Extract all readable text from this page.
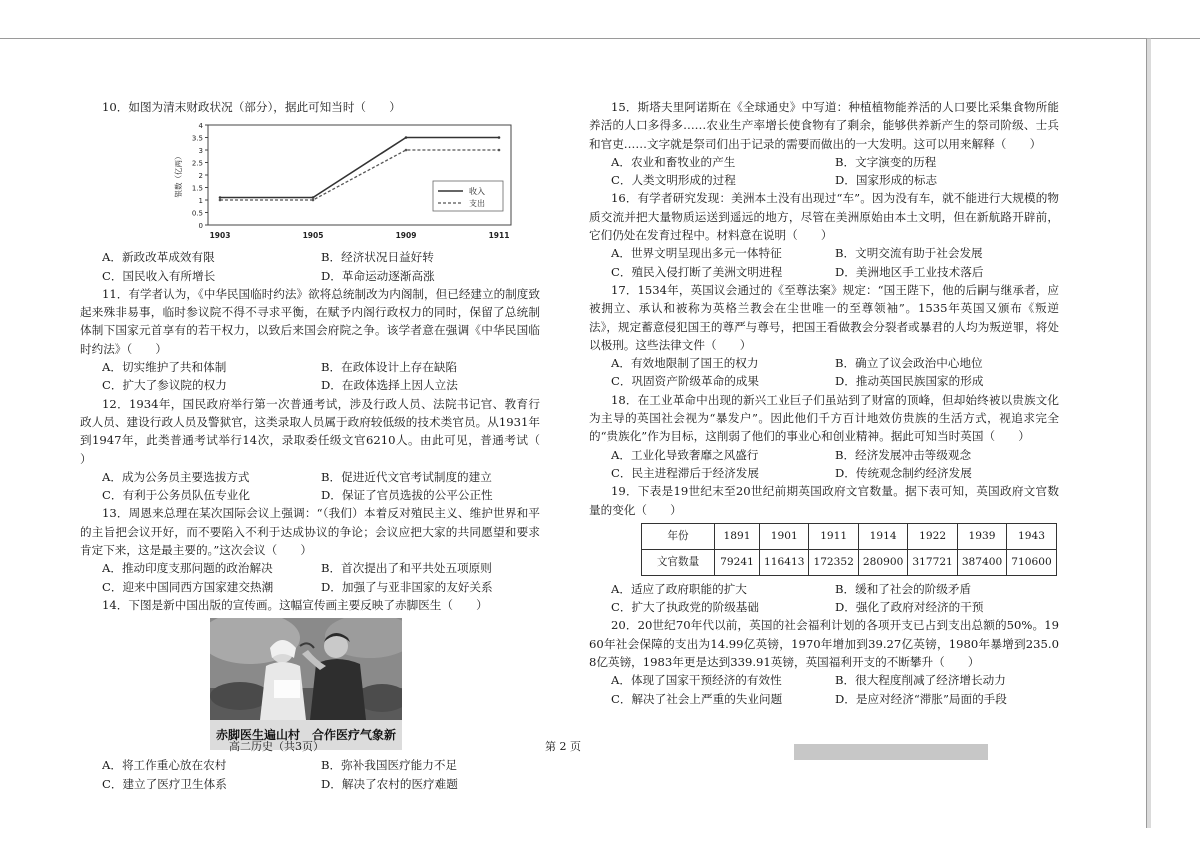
10．如图为清末财政状况（部分），据此可知当时（　　）

0
0.5
1
1.5
2
2.5
3
3.5
4
1903	1905	1909	1911
银数（亿两）	收入
支出
A．新政改革成效有限	B．经济状况日益好转
C．国民收入有所增长	D．革命运动逐渐高涨

11．有学者认为，《中华民国临时约法》欲将总统制改为内阁制，但已经建立的制度致起来殊非易事，临时参议院不得不寻求平衡，在赋予内阁行政权力的同时，保留了总统制体制下国家元首享有的若干权力，以致后来国会府院之争。该学者意在强调《中华民国临时约法》（　　）

A．切实维护了共和体制	B．在政体设计上存在缺陷
C．扩大了参议院的权力	D．在政体选择上因人立法

12．1934年，国民政府举行第一次普通考试，涉及行政人员、法院书记官、教育行政人员、建设行政人员及警狱官，这类录取人员属于政府较低级的技术类官员。从1931年到1947年，此类普通考试举行14次，录取委任级文官6210人。由此可见，普通考试（　　）

A．成为公务员主要选拔方式	B．促进近代文官考试制度的建立
C．有利于公务员队伍专业化	D．保证了官员选拔的公平公正性

13．周恩来总理在某次国际会议上强调：“（我们）本着反对殖民主义、维护世界和平的主旨把会议开好，而不要陷入不利于达成协议的争论；会议应把大家的共同愿望和要求肯定下来，这是最主要的。”这次会议（　　）

A．推动印度支那问题的政治解决	B．首次提出了和平共处五项原则
C．迎来中国同西方国家建交热潮	D．加强了与亚非国家的友好关系

14．下图是新中国出版的宣传画。这幅宣传画主要反映了赤脚医生（　　）

赤脚医生遍山村　合作医疗气象新
A．将工作重心放在农村	B．弥补我国医疗能力不足
C．建立了医疗卫生体系	D．解决了农村的医疗难题

15．斯塔夫里阿诺斯在《全球通史》中写道：种植植物能养活的人口要比采集食物所能养活的人口多得多……农业生产率增长使食物有了剩余，能够供养新产生的祭司阶级、士兵和官吏……文字就是祭司们出于记录的需要而做出的一大发明。这可以用来解释（　　）

A．农业和畜牧业的产生	B．文字演变的历程
C．人类文明形成的过程	D．国家形成的标志

16．有学者研究发现：美洲本土没有出现过“车”。因为没有车，就不能进行大规模的物质交流并把大量物质运送到遥远的地方，尽管在美洲原始由本土文明，但在新航路开辟前，它们仍处在发育过程中。材料意在说明（　　）

A．世界文明呈现出多元一体特征	B．文明交流有助于社会发展
C．殖民入侵打断了美洲文明进程	D．美洲地区手工业技术落后

17．1534年，英国议会通过的《至尊法案》规定：“国王陛下，他的后嗣与继承者，应被拥立、承认和被称为英格兰教会在尘世唯一的至尊领袖”。1535年英国又颁布《叛逆法》，规定蓄意侵犯国王的尊严与尊号，把国王看做教会分裂者或暴君的人均为叛逆罪，将处以极刑。这些法律文件（　　）

A．有效地限制了国王的权力	B．确立了议会政治中心地位
C．巩固资产阶级革命的成果	D．推动英国民族国家的形成

18．在工业革命中出现的新兴工业巨子们虽站到了财富的顶峰，但却始终被以贵族文化为主导的英国社会视为“暴发户”。因此他们千方百计地效仿贵族的生活方式，视追求完全的“贵族化”作为目标，这削弱了他们的事业心和创业精神。据此可知当时英国（　　）

A．工业化导致奢靡之风盛行	B．经济发展冲击等级观念
C．民主进程滞后于经济发展	D．传统观念制约经济发展

19．下表是19世纪末至20世纪前期英国政府文官数量。据下表可知，英国政府文官数量的变化（　　）

年份	1891	1901	1911	1914	1922	1939	1943
文官数量	79241	116413	172352	280900	317721	387400	710600
A．适应了政府职能的扩大	B．缓和了社会的阶级矛盾
C．扩大了执政党的阶级基础	D．强化了政府对经济的干预

20．20世纪70年代以前，英国的社会福利计划的各项开支已占到支出总额的50%。1960年社会保障的支出为14.99亿英镑，1970年增加到39.27亿英镑，1980年暴增到235.08亿英镑，1983年更是达到339.91英镑，英国福利开支的不断攀升（　　）

A．体现了国家干预经济的有效性	B．很大程度削减了经济增长动力
C．解决了社会上严重的失业问题	D．是应对经济“滞胀”局面的手段
高二历史（共3页）	第 2 页
